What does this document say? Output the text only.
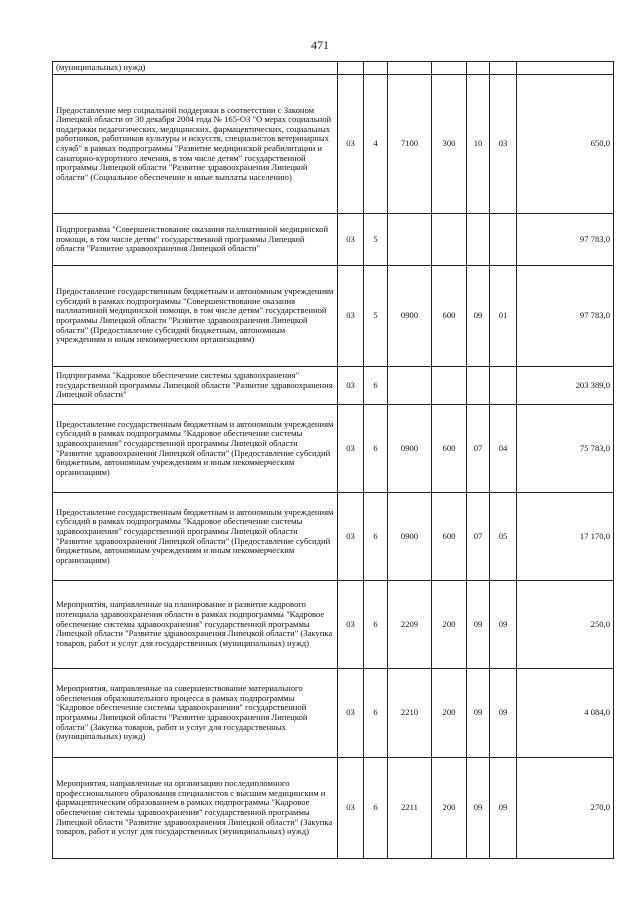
471
(муниципальных) нужд)							
Предоставление мер социальной поддержки в соответствии с Законом Липецкой области от 30 декабря 2004 года № 165-ОЗ "О мерах социальной поддержки педагогических, медицинских, фармацевтических, социальных работников, работников культуры и искусств, специалистов ветеринарных служб" в рамках подпрограммы "Развитие медицинской реабилитации и санаторно-курортного лечения, в том числе детям" государственной программы Липецкой области "Развитие здравоохранения Липецкой области" (Социальное обеспечение и иные выплаты населению)	03	4	7100	300	10	03	650,0
Подпрограмма "Совершенствование оказания паллиативной медицинской помощи, в том числе детям" государственной программы Липецкой области "Развитие здравоохранения Липецкой области"	03	5					97 783,0
Предоставление государственным бюджетным и автономным учреждениям субсидий в рамках подпрограммы "Совершенствование оказания паллиативной медицинской помощи, в том числе детям" государственной программы Липецкой области "Развитие здравоохранения Липецкой области" (Предоставление субсидий бюджетным, автономным учреждениям и иным некоммерческим организациям)	03	5	0900	600	09	01	97 783,0
Подпрограмма "Кадровое обеспечение системы здравоохранения" государственной программы Липецкой области "Развитие здравоохранения Липецкой области"	03	6					203 389,0
Предоставление государственным бюджетным и автономным учреждениям субсидий в рамках подпрограммы "Кадровое обеспечение системы здравоохранения" государственной программы Липецкой области "Развитие здравоохранения Липецкой области" (Предоставление субсидий бюджетным, автономным учреждениям и иным некоммерческим организациям)	03	6	0900	600	07	04	75 783,0
Предоставление государственным бюджетным и автономным учреждениям субсидий в рамках подпрограммы "Кадровое обеспечение системы здравоохранения" государственной программы Липецкой области "Развитие здравоохранения Липецкой области" (Предоставление субсидий бюджетным, автономным учреждениям и иным некоммерческим организациям)	03	6	0900	600	07	05	17 170,0
Мероприятия, направленные на планирование и развитие кадрового потенциала здравоохранения области в рамках подпрограммы "Кадровое обеспечение системы здравоохранения" государственной программы Липецкой области "Развитие здравоохранения Липецкой области" (Закупка товаров, работ и услуг для государственных (муниципальных) нужд)	03	6	2209	200	09	09	250,0
Мероприятия, направленные на совершенствование материального обеспечения образовательного процесса в рамках подпрограммы "Кадровое обеспечение системы здравоохранения" государственной программы Липецкой области "Развитие здравоохранения Липецкой области" (Закупка товаров, работ и услуг для государственных (муниципальных) нужд)	03	6	2210	200	09	09	4 084,0
Мероприятия, направленные на организацию последипломного профессионального образования специалистов с высшим медицинским и фармацевтическим образованием в рамках подпрограммы "Кадровое обеспечение системы здравоохранения" государственной программы Липецкой области "Развитие здравоохранения Липецкой области" (Закупка товаров, работ и услуг для государственных (муниципальных) нужд)	03	6	2211	200	09	09	270,0
